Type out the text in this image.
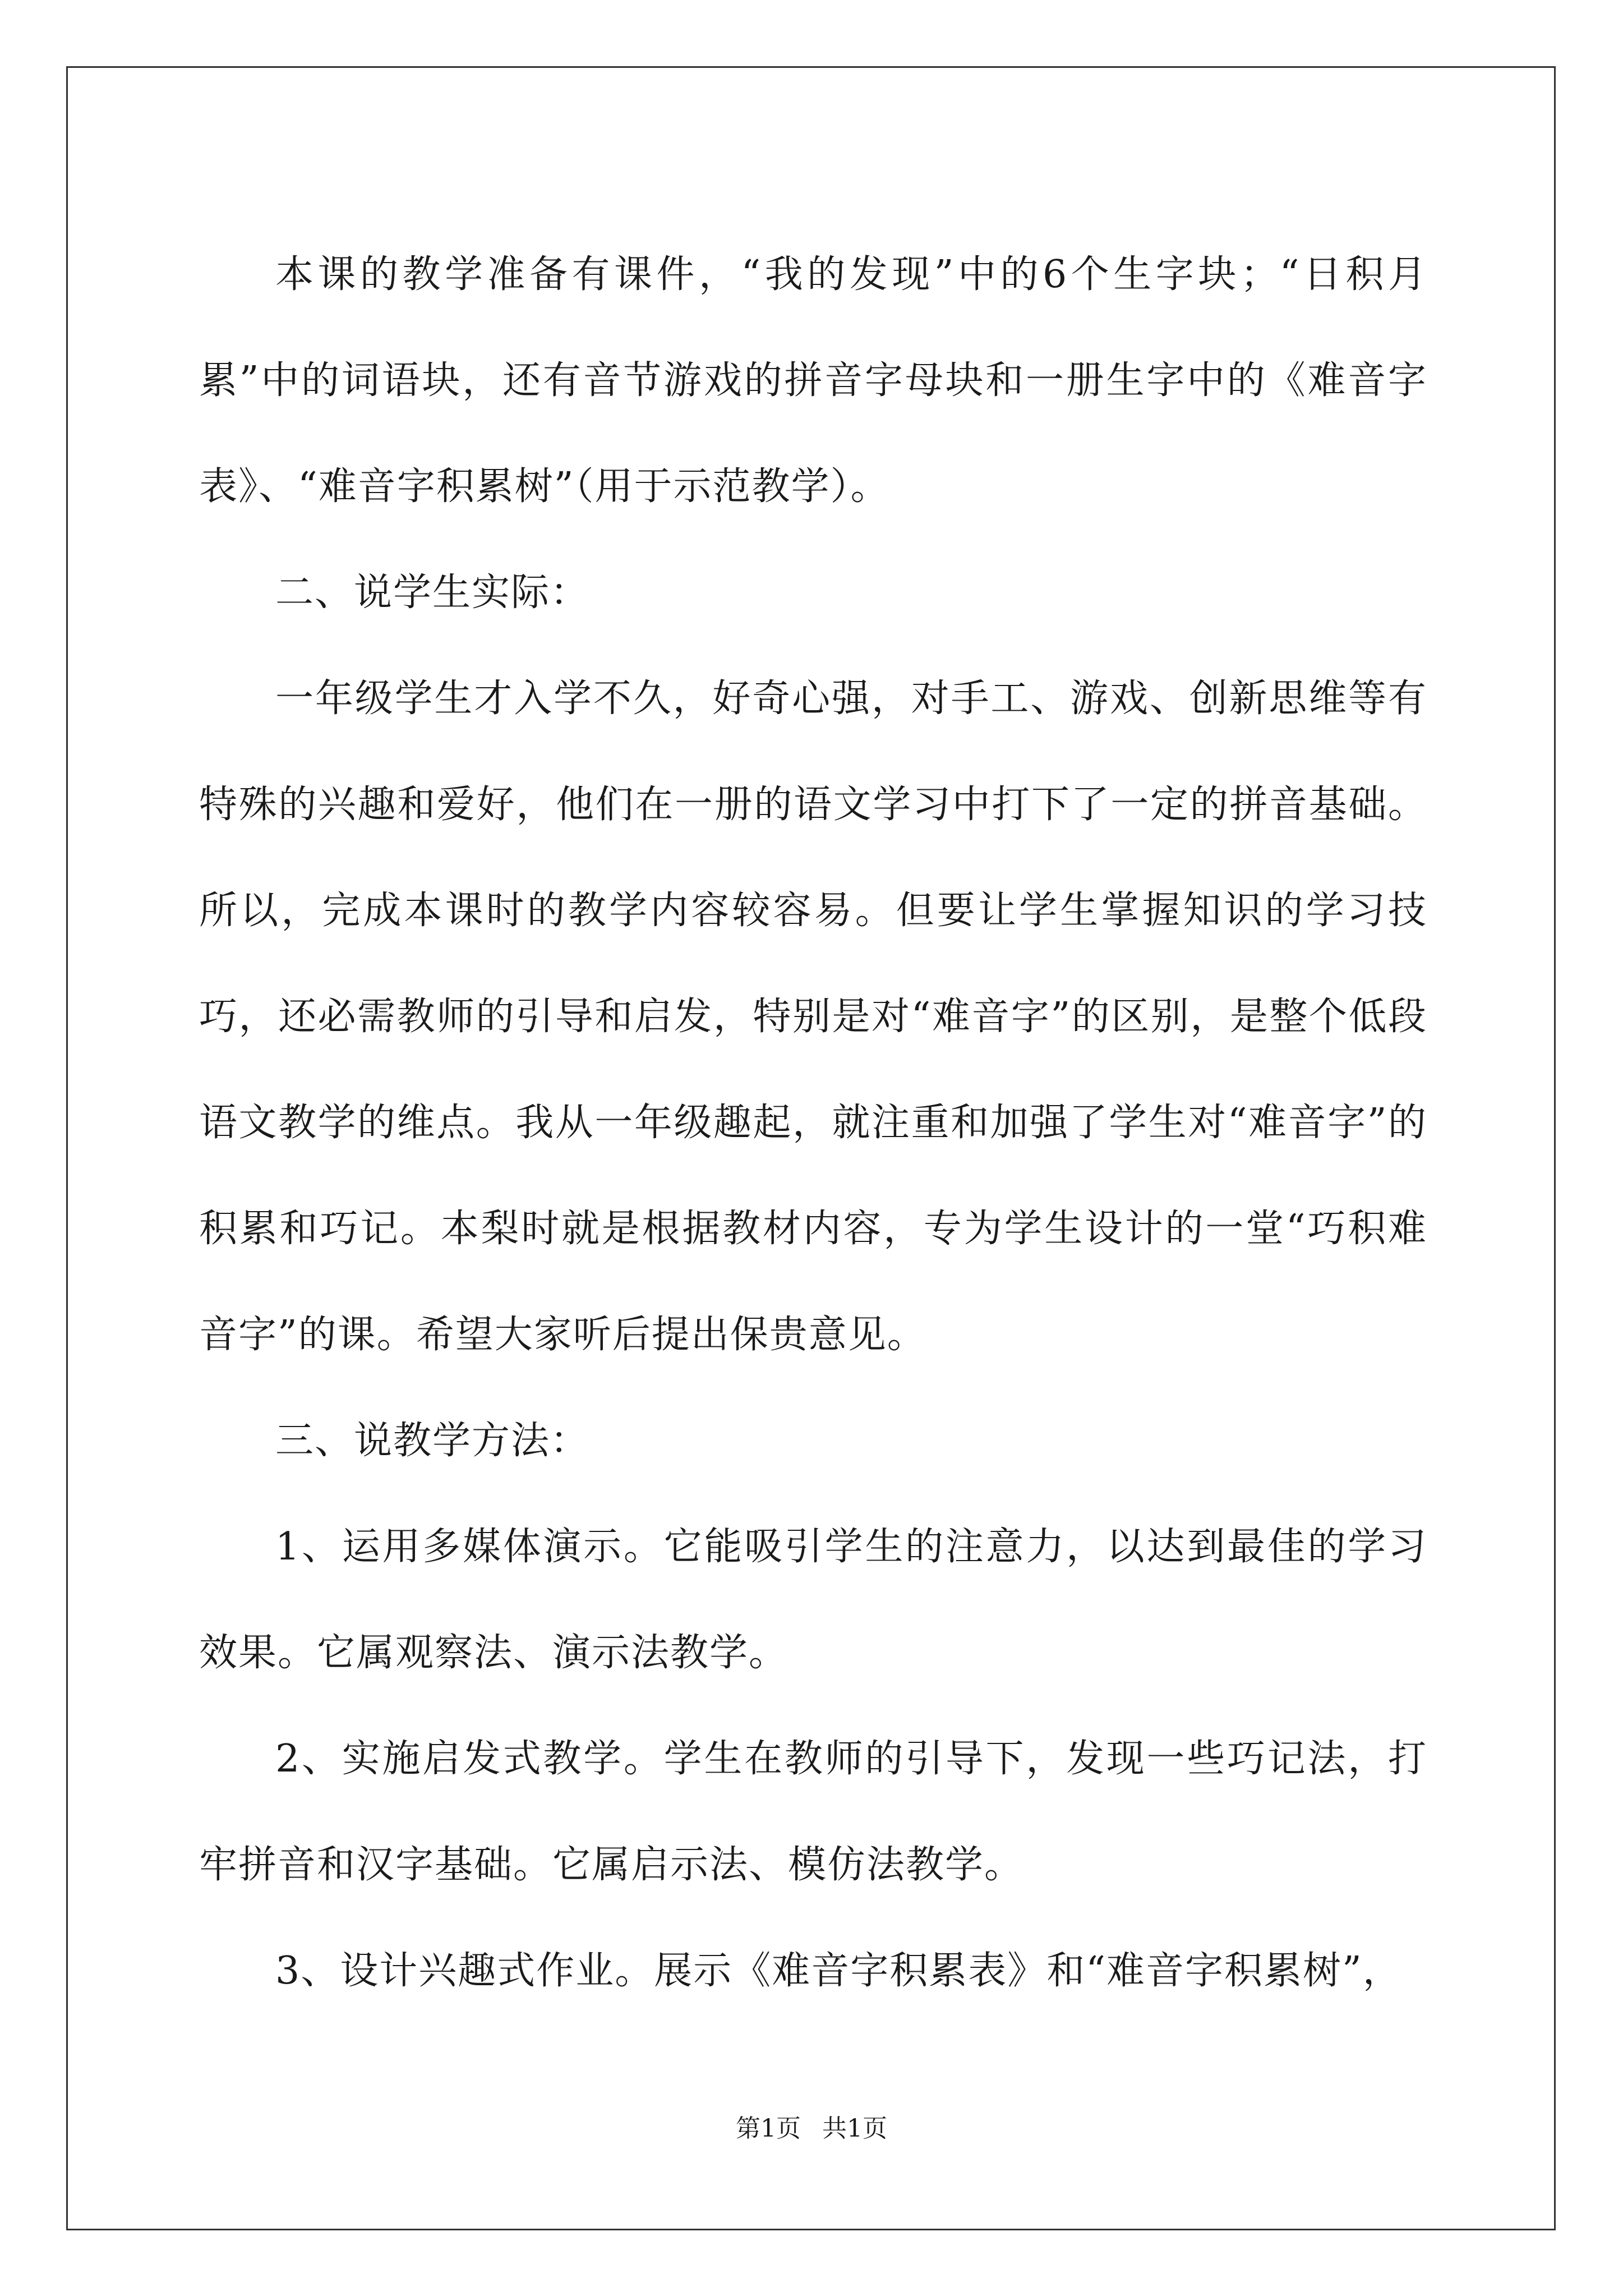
本课的教学准备有课件，“我的发现”中的6个生字块；“日积月累”中的词语块，还有音节游戏的拼音字母块和一册生字中的《难音字表》、“难音字积累树”（用于示范教学）。

二、说学生实际：

一年级学生才入学不久，好奇心强，对手工、游戏、创新思维等有特殊的兴趣和爱好，他们在一册的语文学习中打下了一定的拼音基础。所以，完成本课时的教学内容较容易。但要让学生掌握知识的学习技巧，还必需教师的引导和启发，特别是对“难音字”的区别，是整个低段语文教学的维点。我从一年级趣起，就注重和加强了学生对“难音字”的积累和巧记。本梨时就是根据教材内容，专为学生设计的一堂“巧积难音字”的课。希望大家听后提出保贵意见。

三、说教学方法：

1、运用多媒体演示。它能吸引学生的注意力，以达到最佳的学习效果。它属观察法、演示法教学。

2、实施启发式教学。学生在教师的引导下，发现一些巧记法，打牢拼音和汉字基础。它属启示法、模仿法教学。

3、设计兴趣式作业。展示《难音字积累表》和“难音字积累树”，

第1页 共1页
